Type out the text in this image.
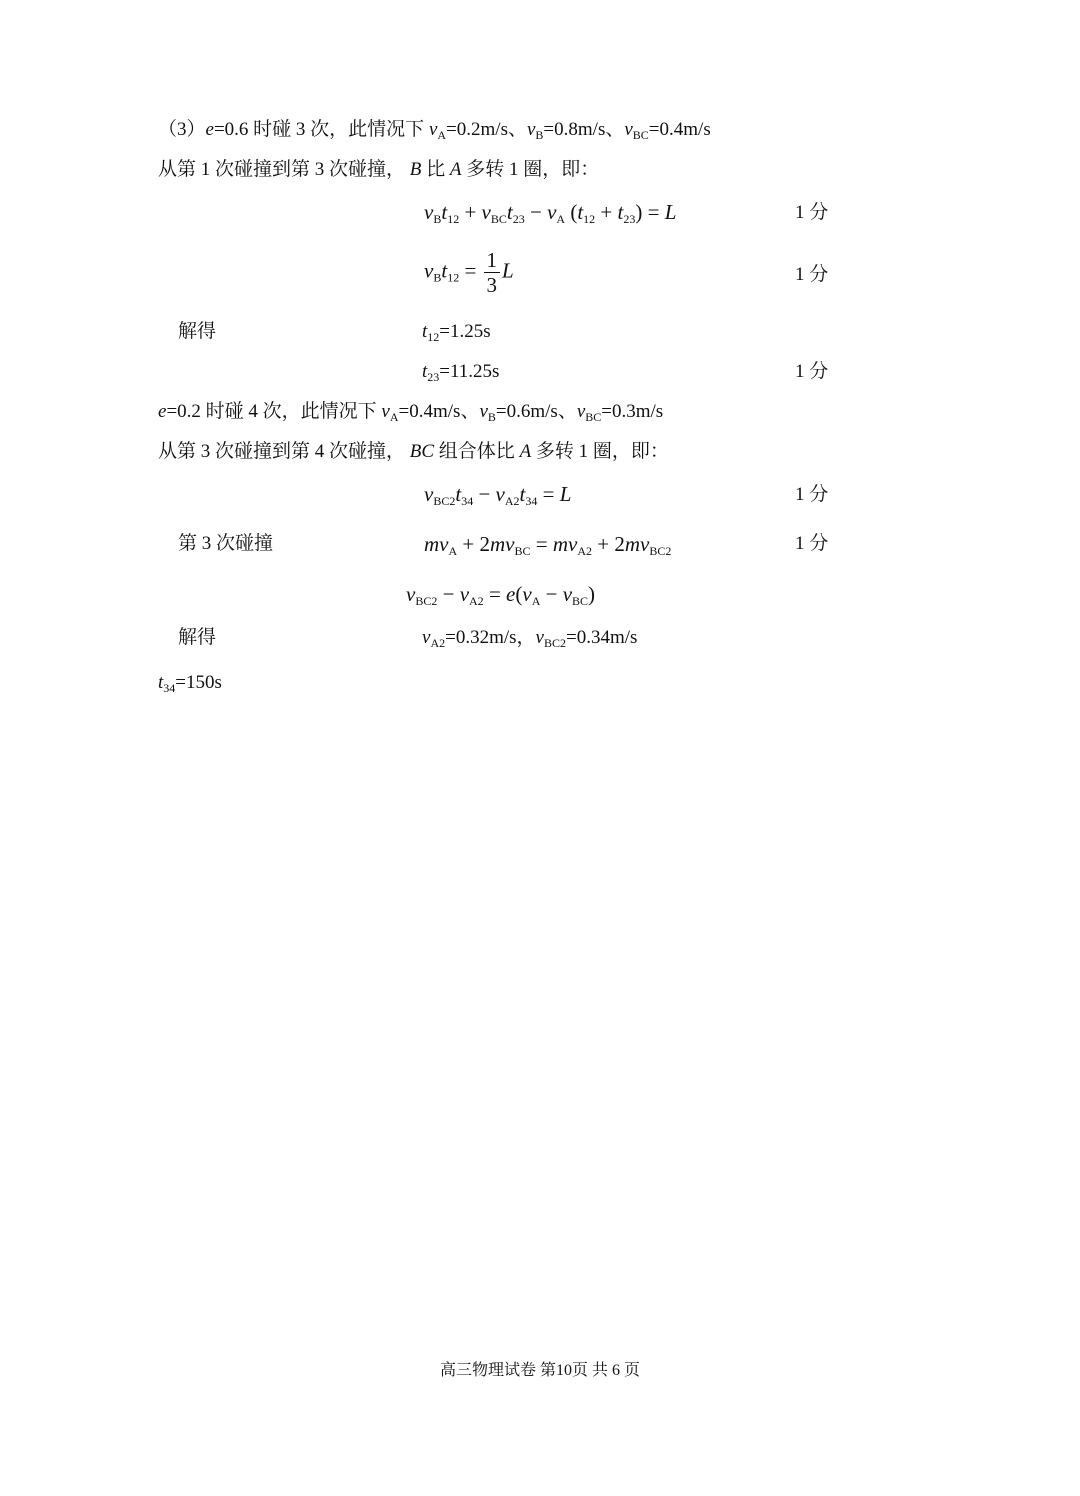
（3）e=0.6 时碰 3 次，此情况下 $v_A=0.2m/s$、$v_B=0.8m/s$、$v_{BC}=0.4m/s$
从第 1 次碰撞到第 3 次碰撞， B 比 A 多转 1 圈，即：
$v_Bt_{12} + v_{BC}t_{23} - v_A$ $(t_{12} + t_{23}) = L$	1 分
$v_Bt_{12} = \frac{1}{3}$ L	1 分
解得	$t_{12}=1.25s$
$t_{23}=11.25s$	1 分
e=0.2 时碰 4 次，此情况下 $v_A=0.4m/s$、$v_B=0.6m/s$、$v_{BC}=0.3m/s$
从第 3 次碰撞到第 4 次碰撞， BC 组合体比 A 多转 1 圈，即：
$v_{BC2}t_{34} - v_{A2}t_{34} = L$	1 分
第 3 次碰撞	$mv_A + 2mv_{BC} = mv_{A2} + 2mv_{BC2}$	1 分
$v_{BC2} - v_{A2} = e(v_A - v_{BC})$
解得	$v_{A2}=0.32m/s$，$v_{BC2}=0.34m/s$
$t_{34}=150s$
高三物理试卷 第10页 共 6 页
